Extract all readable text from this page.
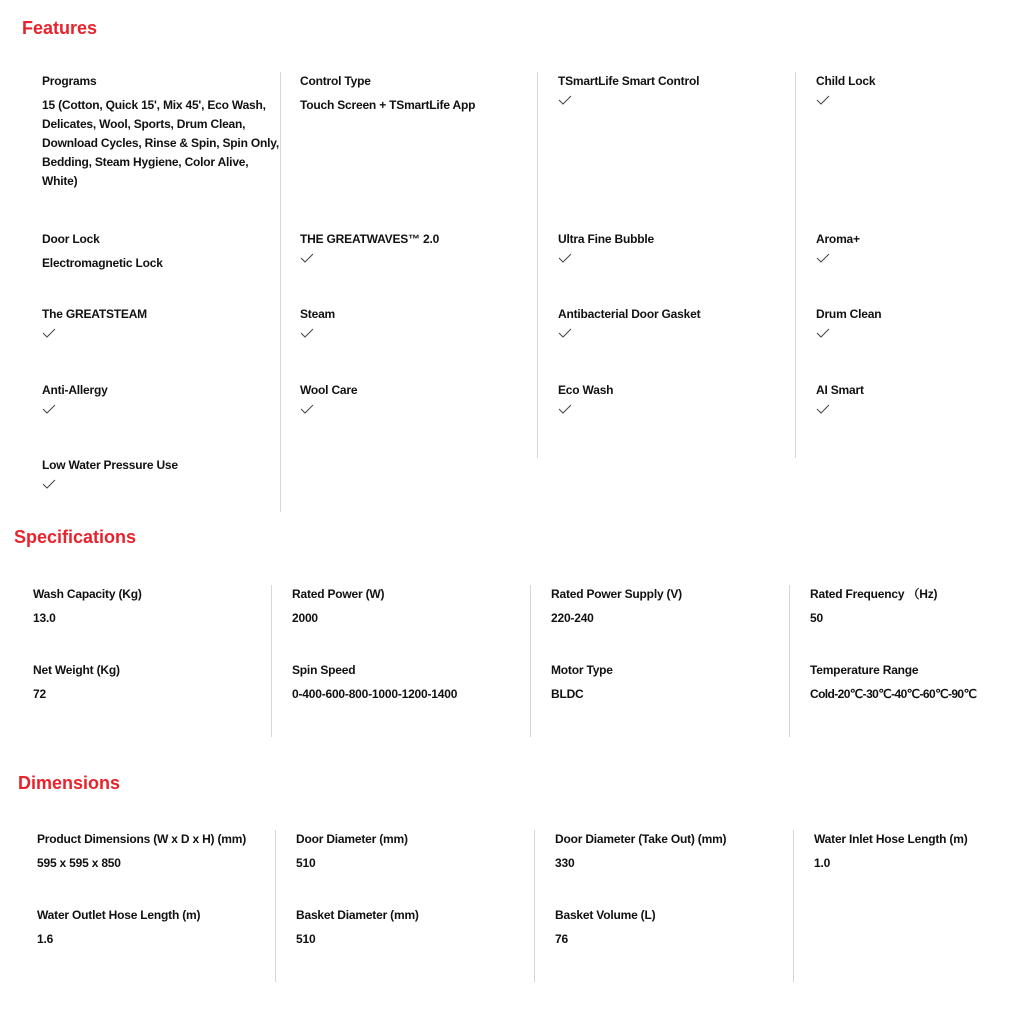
Features
Specifications
Dimensions
Programs
15 (Cotton, Quick 15', Mix 45', Eco Wash,
Delicates, Wool, Sports, Drum Clean,
Download Cycles, Rinse & Spin, Spin Only,
Bedding, Steam Hygiene, Color Alive,
White)
Door Lock
Electromagnetic Lock
The GREATSTEAM
Anti-Allergy
Low Water Pressure Use
Control Type
Touch Screen + TSmartLife App
THE GREATWAVES™ 2.0
Steam
Wool Care
TSmartLife Smart Control
Ultra Fine Bubble
Antibacterial Door Gasket
Eco Wash
Child Lock
Aroma+
Drum Clean
AI Smart
Wash Capacity (Kg)
13.0
Net Weight (Kg)
72
Rated Power (W)
2000
Spin Speed
0-400-600-800-1000-1200-1400
Rated Power Supply (V)
220-240
Motor Type
BLDC
Rated Frequency （Hz)
50
Temperature Range
Cold-20℃-30℃-40℃-60℃-90℃
Product Dimensions (W x D x H) (mm)
595 x 595 x 850
Water Outlet Hose Length (m)
1.6
Door Diameter (mm)
510
Basket Diameter (mm)
510
Door Diameter (Take Out) (mm)
330
Basket Volume (L)
76
Water Inlet Hose Length (m)
1.0
